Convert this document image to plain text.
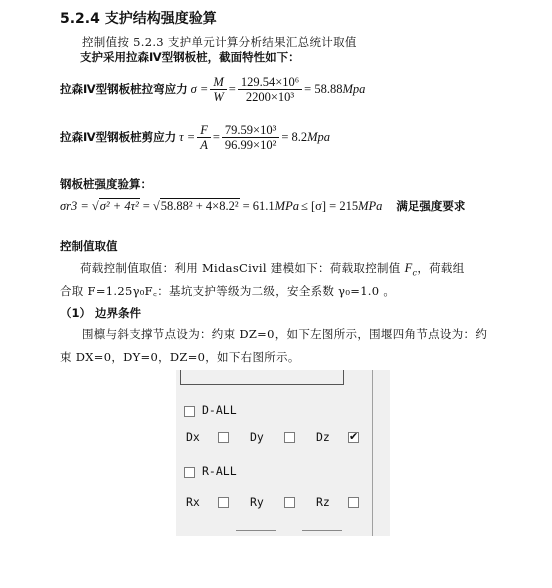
5.2.4 支护结构强度验算
控制值按 5.2.3 支护单元计算分析结果汇总统计取值
支护采用拉森Ⅳ型钢板桩，截面特性如下：
拉森Ⅳ型钢板桩拉弯应力 $\sigma = \frac{M}{W} = \frac{\text{129.54×10⁶}}{\text{2200×10³}} = 58.88$ Mpa
拉森Ⅳ型钢板桩剪应力 $\tau = \frac{F}{A} = \frac{\text{79.59×10³}}{\text{96.99×10²}} = 8.2$ Mpa
钢板桩强度验算：
σr3 = √ σ² + 4τ² = √ 58.88² + 4×8.2² = 61.1 MPa ≤ [σ] = 215 MPa 满足强度要求
控制值取值
荷载控制值取值：利用 MidasCivil 建模如下：荷载取控制值 $F_c$，荷载组
合取 F=1.25γ₀F꜀：基坑支护等级为二级，安全系数 γ₀=1.0 。
（1） 边界条件
围檩与斜支撑节点设为：约束 DZ=0，如下左图所示，围堰四角节点设为：约
束 DX=0，DY=0，DZ=0，如下右图所示。
D-ALL
Dx	Dy	Dz
✔
R-ALL
Rx	Ry	Rz
